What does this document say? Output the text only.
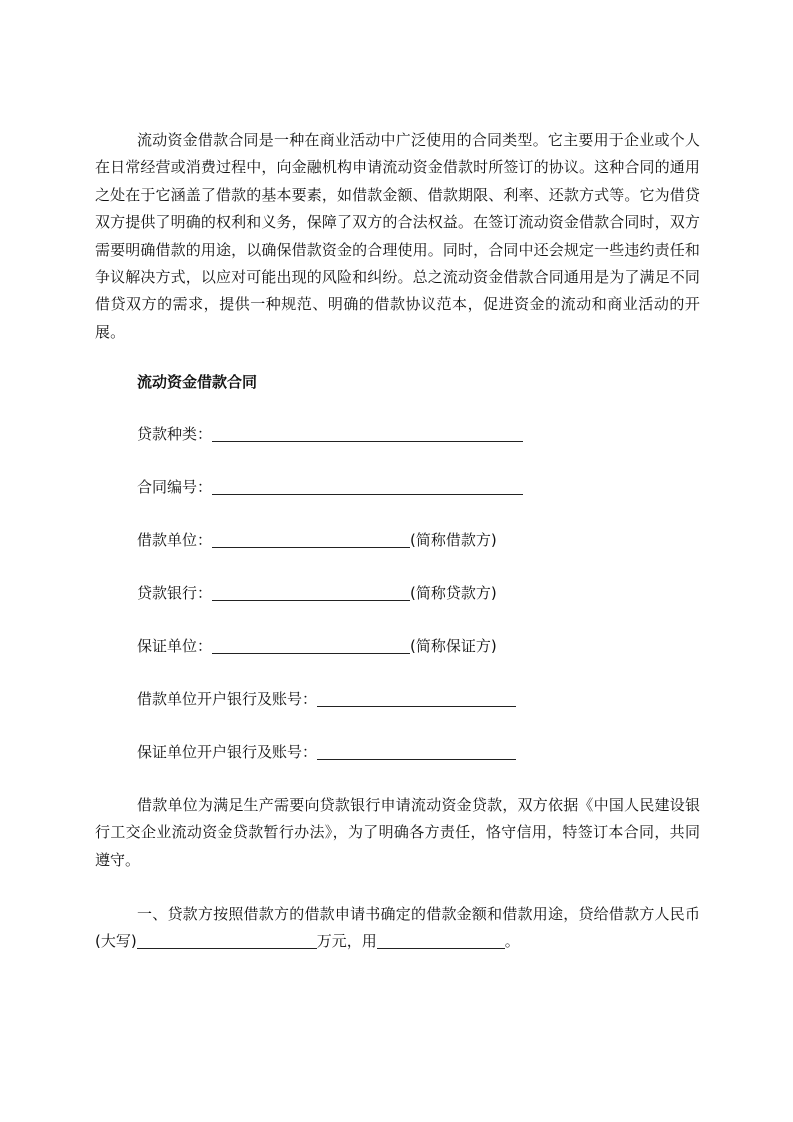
流动资金借款合同是一种在商业活动中广泛使用的合同类型。它主要用于企业或个人在日常经营或消费过程中，向金融机构申请流动资金借款时所签订的协议。这种合同的通用之处在于它涵盖了借款的基本要素，如借款金额、借款期限、利率、还款方式等。它为借贷双方提供了明确的权利和义务，保障了双方的合法权益。在签订流动资金借款合同时，双方需要明确借款的用途，以确保借款资金的合理使用。同时，合同中还会规定一些违约责任和争议解决方式，以应对可能出现的风险和纠纷。总之流动资金借款合同通用是为了满足不同借贷双方的需求，提供一种规范、明确的借款协议范本，促进资金的流动和商业活动的开展。

流动资金借款合同

贷款种类：
合同编号：
借款单位：	(简称借款方)
贷款银行：	(简称贷款方)
保证单位：	(简称保证方)
借款单位开户银行及账号：
保证单位开户银行及账号：

借款单位为满足生产需要向贷款银行申请流动资金贷款，双方依据《中国人民建设银行工交企业流动资金贷款暂行办法》，为了明确各方责任，恪守信用，特签订本合同，共同遵守。

一、贷款方按照借款方的借款申请书确定的借款金额和借款用途，贷给借款方人民币(大写)	万元，用	。
